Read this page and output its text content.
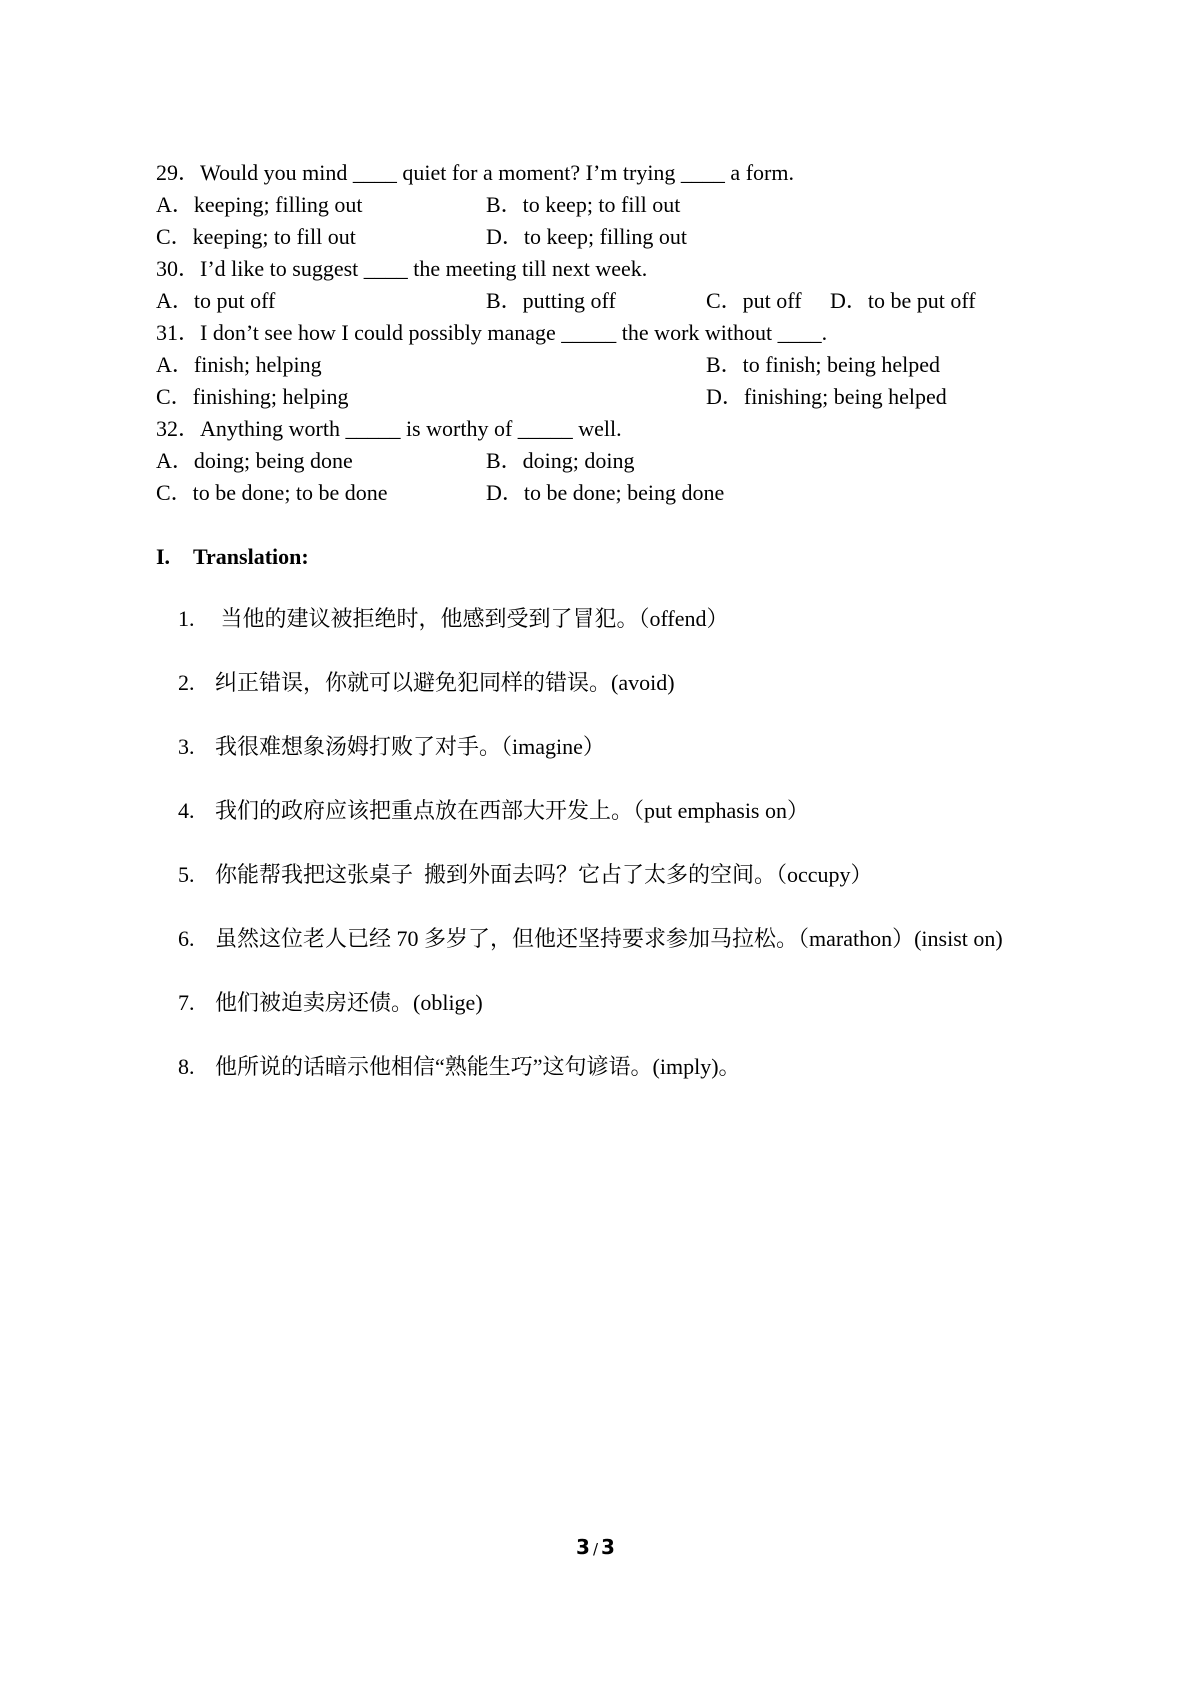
29．Would you mind ____ quiet for a moment? I’m trying ____ a form.
A．keeping; filling out	B．to keep; to fill out
C．keeping; to fill out	D．to keep; filling out
30．I’d like to suggest ____ the meeting till next week.
A．to put off	B．putting off	C．put off D．to be put off
31．I don’t see how I could possibly manage _____ the work without ____.
A．finish; helping	B．to finish; being helped
C．finishing; helping	D．finishing; being helped
32．Anything worth _____ is worthy of _____ well.
A．doing; being done	B．doing; doing
C．to be done; to be done	D．to be done; being done
I. Translation:

1. 当他的建议被拒绝时，他感到受到了冒犯。（offend）

2. 纠正错误，你就可以避免犯同样的错误。(avoid)

3. 我很难想象汤姆打败了对手。（imagine）

4. 我们的政府应该把重点放在西部大开发上。（put emphasis on）

5. 你能帮我把这张桌子  搬到外面去吗？它占了太多的空间。（occupy）

6. 虽然这位老人已经 70 多岁了，但他还坚持要求参加马拉松。（marathon）(insist on)

7. 他们被迫卖房还债。(oblige)

8. 他所说的话暗示他相信“熟能生巧”这句谚语。(imply)。

3 / 3
